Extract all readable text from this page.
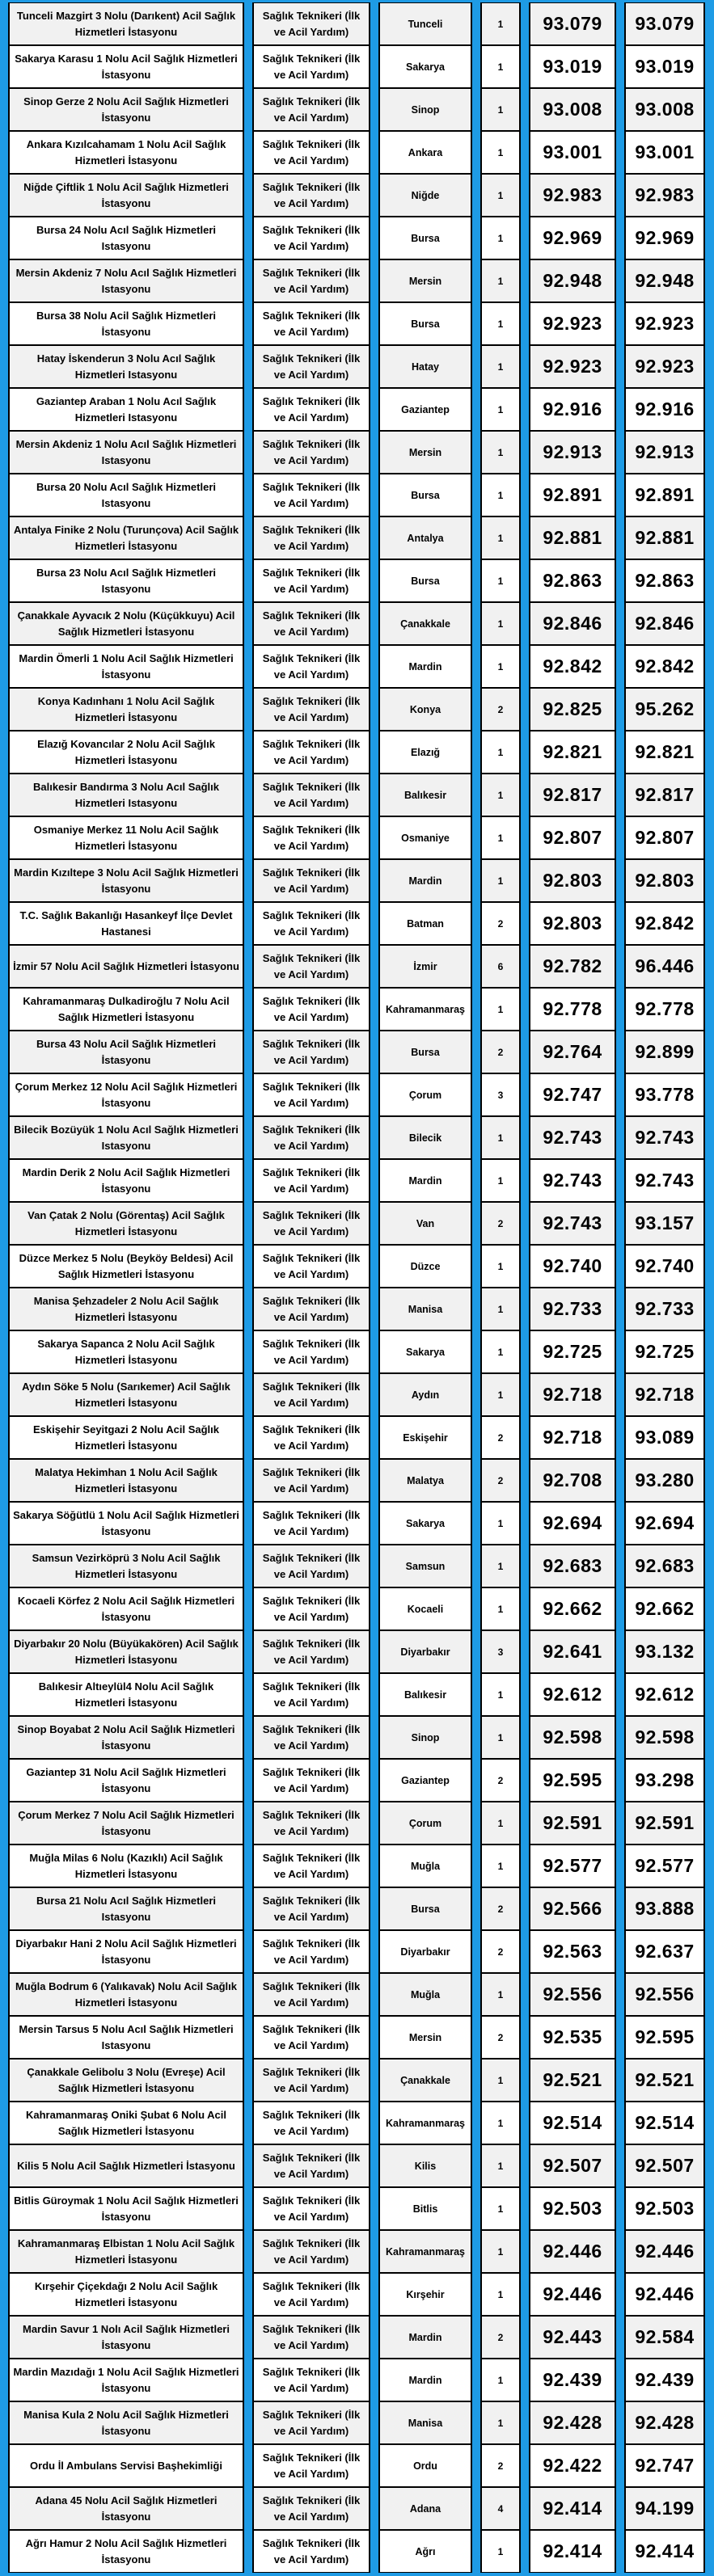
Tunceli Mazgirt 3 Nolu (Darıkent) Acil Sağlık Hizmetleri İstasyonu	Sağlık Teknikeri (İlk ve Acil Yardım)	Tunceli	1	93.079	93.079
Sakarya Karasu 1 Nolu Acil Sağlık Hizmetleri İstasyonu	Sağlık Teknikeri (İlk ve Acil Yardım)	Sakarya	1	93.019	93.019
Sinop Gerze 2 Nolu Acil Sağlık Hizmetleri İstasyonu	Sağlık Teknikeri (İlk ve Acil Yardım)	Sinop	1	93.008	93.008
Ankara Kızılcahamam 1 Nolu Acil Sağlık Hizmetleri İstasyonu	Sağlık Teknikeri (İlk ve Acil Yardım)	Ankara	1	93.001	93.001
Niğde Çiftlik 1 Nolu Acil Sağlık Hizmetleri İstasyonu	Sağlık Teknikeri (İlk ve Acil Yardım)	Niğde	1	92.983	92.983
Bursa 24 Nolu Acıl Sağlık Hizmetleri Istasyonu	Sağlık Teknikeri (İlk ve Acil Yardım)	Bursa	1	92.969	92.969
Mersin Akdeniz 7 Nolu Acıl Sağlık Hizmetleri Istasyonu	Sağlık Teknikeri (İlk ve Acil Yardım)	Mersin	1	92.948	92.948
Bursa 38 Nolu Acil Sağlık Hizmetleri İstasyonu	Sağlık Teknikeri (İlk ve Acil Yardım)	Bursa	1	92.923	92.923
Hatay İskenderun 3 Nolu Acıl Sağlık Hizmetleri Istasyonu	Sağlık Teknikeri (İlk ve Acil Yardım)	Hatay	1	92.923	92.923
Gaziantep Araban 1 Nolu Acıl Sağlık Hizmetleri Istasyonu	Sağlık Teknikeri (İlk ve Acil Yardım)	Gaziantep	1	92.916	92.916
Mersin Akdeniz 1 Nolu Acıl Sağlık Hizmetleri Istasyonu	Sağlık Teknikeri (İlk ve Acil Yardım)	Mersin	1	92.913	92.913
Bursa 20 Nolu Acıl Sağlık Hizmetleri Istasyonu	Sağlık Teknikeri (İlk ve Acil Yardım)	Bursa	1	92.891	92.891
Antalya Finike 2 Nolu (Turunçova) Acil Sağlık Hizmetleri İstasyonu	Sağlık Teknikeri (İlk ve Acil Yardım)	Antalya	1	92.881	92.881
Bursa 23 Nolu Acıl Sağlık Hizmetleri Istasyonu	Sağlık Teknikeri (İlk ve Acil Yardım)	Bursa	1	92.863	92.863
Çanakkale Ayvacık 2 Nolu (Küçükkuyu) Acil Sağlık Hizmetleri İstasyonu	Sağlık Teknikeri (İlk ve Acil Yardım)	Çanakkale	1	92.846	92.846
Mardin Ömerli 1 Nolu Acil Sağlık Hizmetleri İstasyonu	Sağlık Teknikeri (İlk ve Acil Yardım)	Mardin	1	92.842	92.842
Konya Kadınhanı 1 Nolu Acil Sağlık Hizmetleri İstasyonu	Sağlık Teknikeri (İlk ve Acil Yardım)	Konya	2	92.825	95.262
Elazığ Kovancılar 2 Nolu Acil Sağlık Hizmetleri İstasyonu	Sağlık Teknikeri (İlk ve Acil Yardım)	Elazığ	1	92.821	92.821
Balıkesir Bandırma 3 Nolu Acıl Sağlık Hizmetleri Istasyonu	Sağlık Teknikeri (İlk ve Acil Yardım)	Balıkesir	1	92.817	92.817
Osmaniye Merkez 11 Nolu Acil Sağlık Hizmetleri İstasyonu	Sağlık Teknikeri (İlk ve Acil Yardım)	Osmaniye	1	92.807	92.807
Mardin Kızıltepe 3 Nolu Acil Sağlık Hizmetleri İstasyonu	Sağlık Teknikeri (İlk ve Acil Yardım)	Mardin	1	92.803	92.803
T.C. Sağlık Bakanlığı Hasankeyf İlçe Devlet Hastanesi	Sağlık Teknikeri (İlk ve Acil Yardım)	Batman	2	92.803	92.842
İzmir 57 Nolu Acil Sağlık Hizmetleri İstasyonu	Sağlık Teknikeri (İlk ve Acil Yardım)	İzmir	6	92.782	96.446
Kahramanmaraş Dulkadiroğlu 7 Nolu Acil Sağlık Hizmetleri İstasyonu	Sağlık Teknikeri (İlk ve Acil Yardım)	Kahramanmaraş	1	92.778	92.778
Bursa 43 Nolu Acil Sağlık Hizmetleri İstasyonu	Sağlık Teknikeri (İlk ve Acil Yardım)	Bursa	2	92.764	92.899
Çorum Merkez 12 Nolu Acil Sağlık Hizmetleri İstasyonu	Sağlık Teknikeri (İlk ve Acil Yardım)	Çorum	3	92.747	93.778
Bilecik Bozüyük 1 Nolu Acıl Sağlık Hizmetleri Istasyonu	Sağlık Teknikeri (İlk ve Acil Yardım)	Bilecik	1	92.743	92.743
Mardin Derik 2 Nolu Acil Sağlık Hizmetleri İstasyonu	Sağlık Teknikeri (İlk ve Acil Yardım)	Mardin	1	92.743	92.743
Van Çatak 2 Nolu (Görentaş) Acil Sağlık Hizmetleri İstasyonu	Sağlık Teknikeri (İlk ve Acil Yardım)	Van	2	92.743	93.157
Düzce Merkez 5 Nolu (Beyköy Beldesi) Acil Sağlık Hizmetleri İstasyonu	Sağlık Teknikeri (İlk ve Acil Yardım)	Düzce	1	92.740	92.740
Manisa Şehzadeler 2 Nolu Acil Sağlık Hizmetleri İstasyonu	Sağlık Teknikeri (İlk ve Acil Yardım)	Manisa	1	92.733	92.733
Sakarya Sapanca 2 Nolu Acil Sağlık Hizmetleri İstasyonu	Sağlık Teknikeri (İlk ve Acil Yardım)	Sakarya	1	92.725	92.725
Aydın Söke 5 Nolu (Sarıkemer) Acil Sağlık Hizmetleri İstasyonu	Sağlık Teknikeri (İlk ve Acil Yardım)	Aydın	1	92.718	92.718
Eskişehir Seyitgazi 2 Nolu Acil Sağlık Hizmetleri İstasyonu	Sağlık Teknikeri (İlk ve Acil Yardım)	Eskişehir	2	92.718	93.089
Malatya Hekimhan 1 Nolu Acil Sağlık Hizmetleri İstasyonu	Sağlık Teknikeri (İlk ve Acil Yardım)	Malatya	2	92.708	93.280
Sakarya Söğütlü 1 Nolu Acil Sağlık Hizmetleri İstasyonu	Sağlık Teknikeri (İlk ve Acil Yardım)	Sakarya	1	92.694	92.694
Samsun Vezirköprü 3 Nolu Acil Sağlık Hizmetleri İstasyonu	Sağlık Teknikeri (İlk ve Acil Yardım)	Samsun	1	92.683	92.683
Kocaeli Körfez 2 Nolu Acil Sağlık Hizmetleri İstasyonu	Sağlık Teknikeri (İlk ve Acil Yardım)	Kocaeli	1	92.662	92.662
Diyarbakır 20 Nolu (Büyükakören) Acil Sağlık Hizmetleri İstasyonu	Sağlık Teknikeri (İlk ve Acil Yardım)	Diyarbakır	3	92.641	93.132
Balıkesir Altıeylül4 Nolu Acil Sağlık Hizmetleri İstasyonu	Sağlık Teknikeri (İlk ve Acil Yardım)	Balıkesir	1	92.612	92.612
Sinop Boyabat 2 Nolu Acil Sağlık Hizmetleri İstasyonu	Sağlık Teknikeri (İlk ve Acil Yardım)	Sinop	1	92.598	92.598
Gaziantep 31 Nolu Acil Sağlık Hizmetleri İstasyonu	Sağlık Teknikeri (İlk ve Acil Yardım)	Gaziantep	2	92.595	93.298
Çorum Merkez 7 Nolu Acil Sağlık Hizmetleri İstasyonu	Sağlık Teknikeri (İlk ve Acil Yardım)	Çorum	1	92.591	92.591
Muğla Milas 6 Nolu (Kazıklı) Acil Sağlık Hizmetleri İstasyonu	Sağlık Teknikeri (İlk ve Acil Yardım)	Muğla	1	92.577	92.577
Bursa 21 Nolu Acıl Sağlık Hizmetleri Istasyonu	Sağlık Teknikeri (İlk ve Acil Yardım)	Bursa	2	92.566	93.888
Diyarbakır Hani 2 Nolu Acil Sağlık Hizmetleri İstasyonu	Sağlık Teknikeri (İlk ve Acil Yardım)	Diyarbakır	2	92.563	92.637
Muğla Bodrum 6 (Yalıkavak) Nolu Acil Sağlık Hizmetleri İstasyonu	Sağlık Teknikeri (İlk ve Acil Yardım)	Muğla	1	92.556	92.556
Mersin Tarsus 5 Nolu Acıl Sağlık Hizmetleri Istasyonu	Sağlık Teknikeri (İlk ve Acil Yardım)	Mersin	2	92.535	92.595
Çanakkale Gelibolu 3 Nolu (Evreşe) Acil Sağlık Hizmetleri İstasyonu	Sağlık Teknikeri (İlk ve Acil Yardım)	Çanakkale	1	92.521	92.521
Kahramanmaraş Oniki Şubat 6 Nolu Acil Sağlık Hizmetleri İstasyonu	Sağlık Teknikeri (İlk ve Acil Yardım)	Kahramanmaraş	1	92.514	92.514
Kilis 5 Nolu Acil Sağlık Hizmetleri İstasyonu	Sağlık Teknikeri (İlk ve Acil Yardım)	Kilis	1	92.507	92.507
Bitlis Güroymak 1 Nolu Acil Sağlık Hizmetleri İstasyonu	Sağlık Teknikeri (İlk ve Acil Yardım)	Bitlis	1	92.503	92.503
Kahramanmaraş Elbistan 1 Nolu Acil Sağlık Hizmetleri İstasyonu	Sağlık Teknikeri (İlk ve Acil Yardım)	Kahramanmaraş	1	92.446	92.446
Kırşehir Çiçekdağı 2 Nolu Acil Sağlık Hizmetleri İstasyonu	Sağlık Teknikeri (İlk ve Acil Yardım)	Kırşehir	1	92.446	92.446
Mardin Savur 1 Nolı Acil Sağlık Hizmetleri İstasyonu	Sağlık Teknikeri (İlk ve Acil Yardım)	Mardin	2	92.443	92.584
Mardin Mazıdağı 1 Nolu Acil Sağlık Hizmetleri İstasyonu	Sağlık Teknikeri (İlk ve Acil Yardım)	Mardin	1	92.439	92.439
Manisa Kula 2 Nolu Acil Sağlık Hizmetleri İstasyonu	Sağlık Teknikeri (İlk ve Acil Yardım)	Manisa	1	92.428	92.428
Ordu İl Ambulans Servisi Başhekimliği	Sağlık Teknikeri (İlk ve Acil Yardım)	Ordu	2	92.422	92.747
Adana 45 Nolu Acil Sağlık Hizmetleri İstasyonu	Sağlık Teknikeri (İlk ve Acil Yardım)	Adana	4	92.414	94.199
Ağrı Hamur 2 Nolu Acil Sağlık Hizmetleri İstasyonu	Sağlık Teknikeri (İlk ve Acil Yardım)	Ağrı	1	92.414	92.414
